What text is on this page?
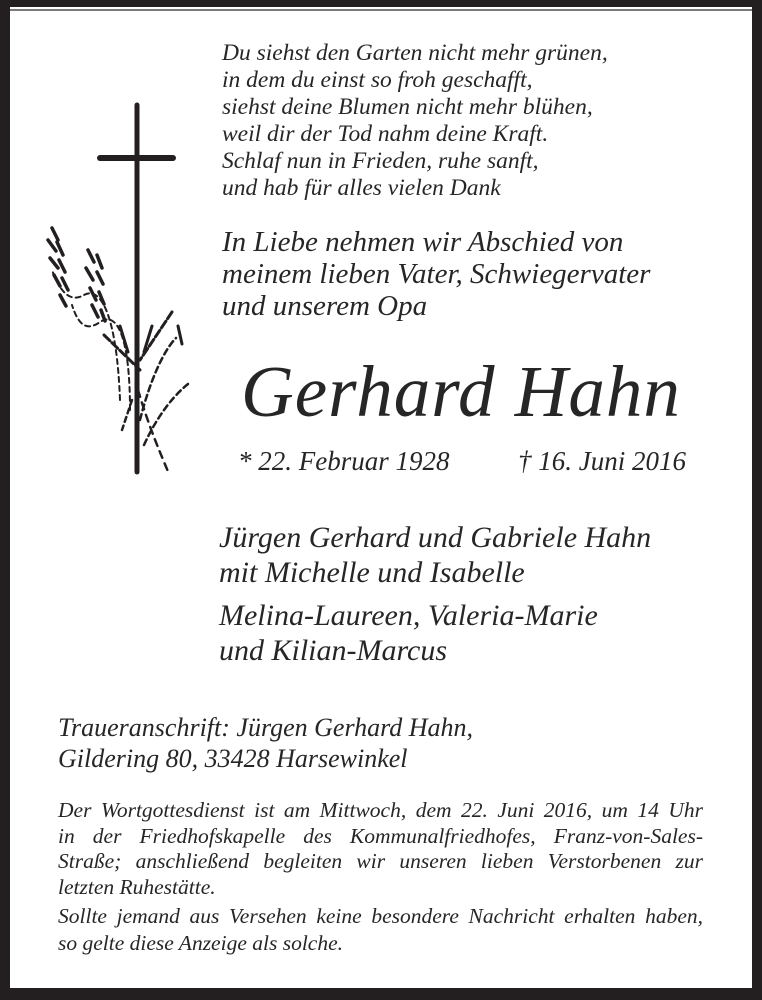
Du siehst den Garten nicht mehr grünen,
in dem du einst so froh geschafft,
siehst deine Blumen nicht mehr blühen,
weil dir der Tod nahm deine Kraft.
Schlaf nun in Frieden, ruhe sanft,
und hab für alles vielen Dank
In Liebe nehmen wir Abschied von
meinem lieben Vater, Schwiegervater
und unserem Opa
Gerhard Hahn
* 22. Februar 1928	† 16. Juni 2016
Jürgen Gerhard und Gabriele Hahn
mit Michelle und Isabelle
Melina-Laureen, Valeria-Marie
und Kilian-Marcus
Traueranschrift: Jürgen Gerhard Hahn,
Gildering 80, 33428 Harsewinkel
Der Wortgottesdienst ist am Mittwoch, dem 22. Juni 2016, um 14 Uhr
in der Friedhofskapelle des Kommunalfriedhofes, Franz-von-Sales-
Straße; anschließend begleiten wir unseren lieben Verstorbenen zur
letzten Ruhestätte.
Sollte jemand aus Versehen keine besondere Nachricht erhalten haben,
so gelte diese Anzeige als solche.
